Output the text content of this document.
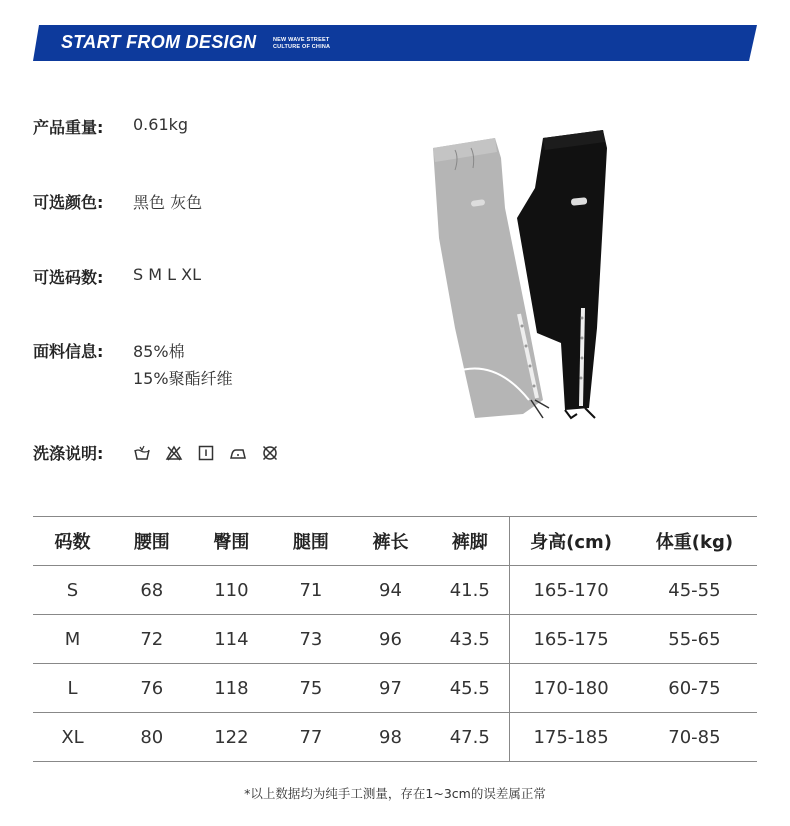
START FROM DESIGN	NEW WAVE STREET
CULTURE OF CHINA
产品重量: 0.61kg
可选颜色: 黑色 灰色
可选码数: S M L XL
面料信息: 85%棉
15%聚酯纤维
洗涤说明:
码数	腰围	臀围	腿围	裤长	裤脚	身高(cm)	体重(kg)
S	68	110	71	94	41.5	165-170	45-55
M	72	114	73	96	43.5	165-175	55-65
L	76	118	75	97	45.5	170-180	60-75
XL	80	122	77	98	47.5	175-185	70-85
*以上数据均为纯手工测量，存在1~3cm的误差属正常
